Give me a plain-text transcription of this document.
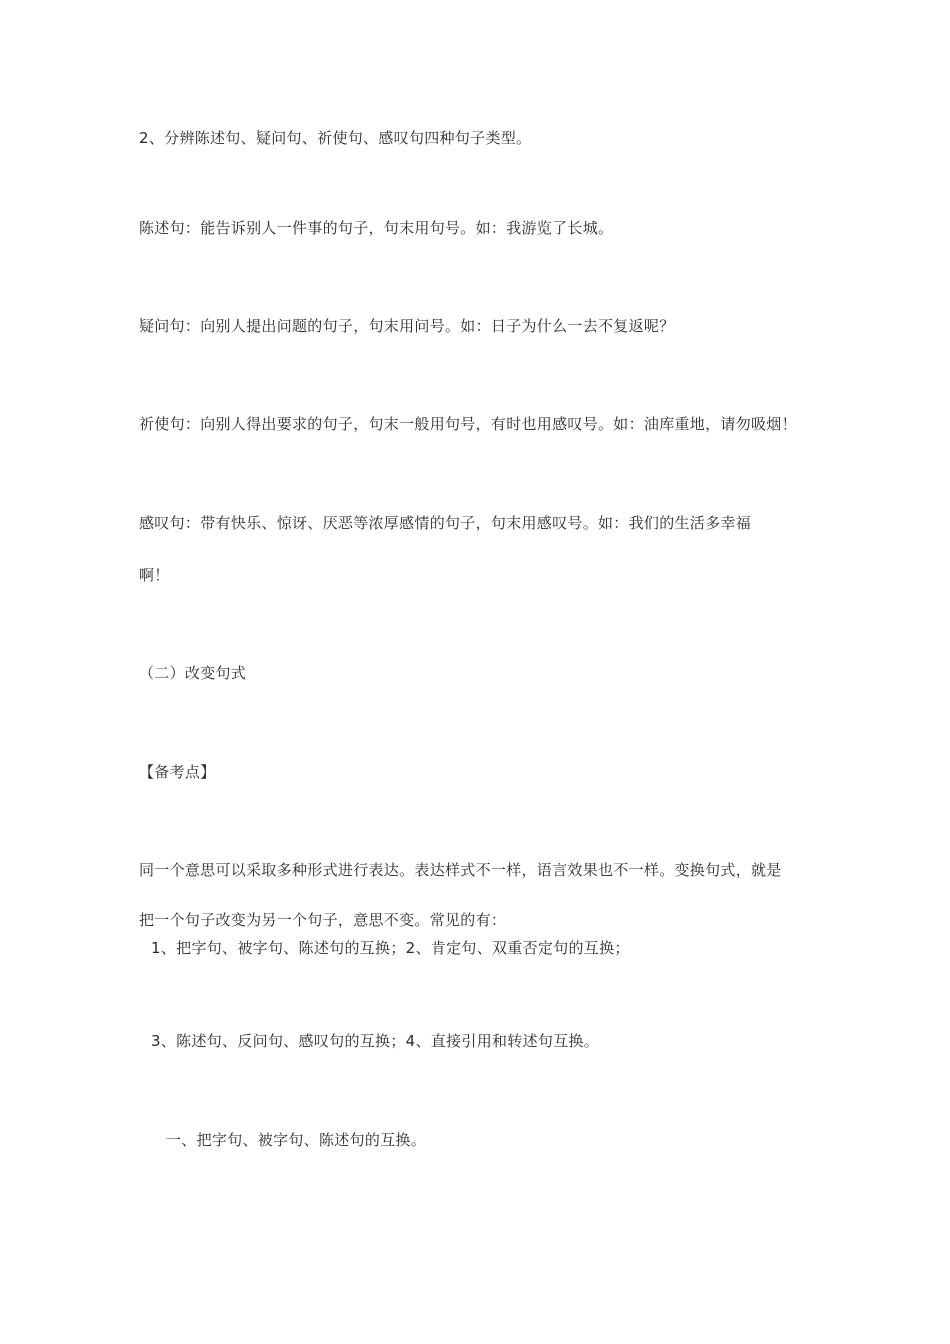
2、分辨陈述句、疑问句、祈使句、感叹句四种句子类型。
陈述句：能告诉别人一件事的句子，句末用句号。如：我游览了长城。
疑问句：向别人提出问题的句子，句末用问号。如：日子为什么一去不复返呢？
祈使句：向别人得出要求的句子，句末一般用句号，有时也用感叹号。如：油库重地，请勿吸烟！
感叹句：带有快乐、惊讶、厌恶等浓厚感情的句子，句末用感叹号。如：我们的生活多幸福
啊！
（二）改变句式
【备考点】
同一个意思可以采取多种形式进行表达。表达样式不一样，语言效果也不一样。变换句式，就是
把一个句子改变为另一个句子，意思不变。常见的有：
1、把字句、被字句、陈述句的互换；2、肯定句、双重否定句的互换；
3、陈述句、反问句、感叹句的互换；4、直接引用和转述句互换。
一、把字句、被字句、陈述句的互换。
